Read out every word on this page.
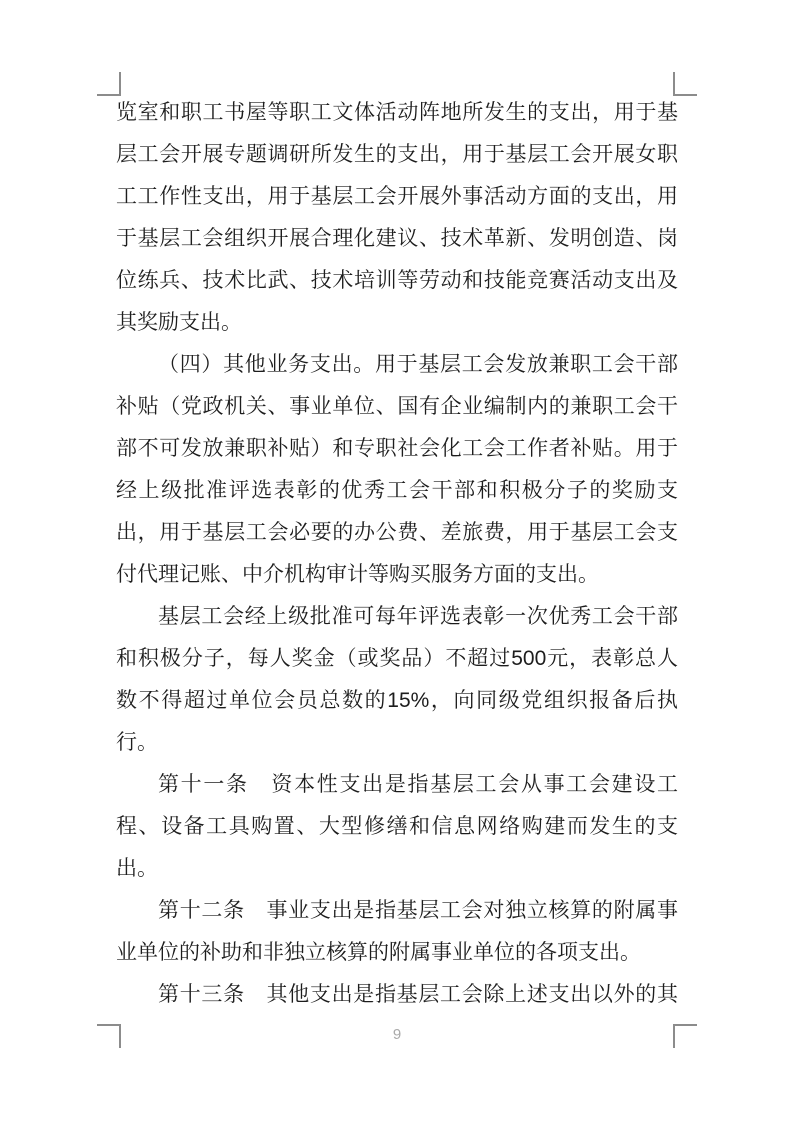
览室和职工书屋等职工文体活动阵地所发生的支出，用于基
层工会开展专题调研所发生的支出，用于基层工会开展女职
工工作性支出，用于基层工会开展外事活动方面的支出，用
于基层工会组织开展合理化建议、技术革新、发明创造、岗
位练兵、技术比武、技术培训等劳动和技能竞赛活动支出及
其奖励支出。
（四）其他业务支出。用于基层工会发放兼职工会干部
补贴（党政机关、事业单位、国有企业编制内的兼职工会干
部不可发放兼职补贴）和专职社会化工会工作者补贴。用于
经上级批准评选表彰的优秀工会干部和积极分子的奖励支
出，用于基层工会必要的办公费、差旅费，用于基层工会支
付代理记账、中介机构审计等购买服务方面的支出。
基层工会经上级批准可每年评选表彰一次优秀工会干部
和积极分子，每人奖金（或奖品）不超过500元，表彰总人
数不得超过单位会员总数的15%，向同级党组织报备后执
行。
第十一条　资本性支出是指基层工会从事工会建设工
程、设备工具购置、大型修缮和信息网络购建而发生的支
出。
第十二条　事业支出是指基层工会对独立核算的附属事
业单位的补助和非独立核算的附属事业单位的各项支出。
第十三条　其他支出是指基层工会除上述支出以外的其
9
